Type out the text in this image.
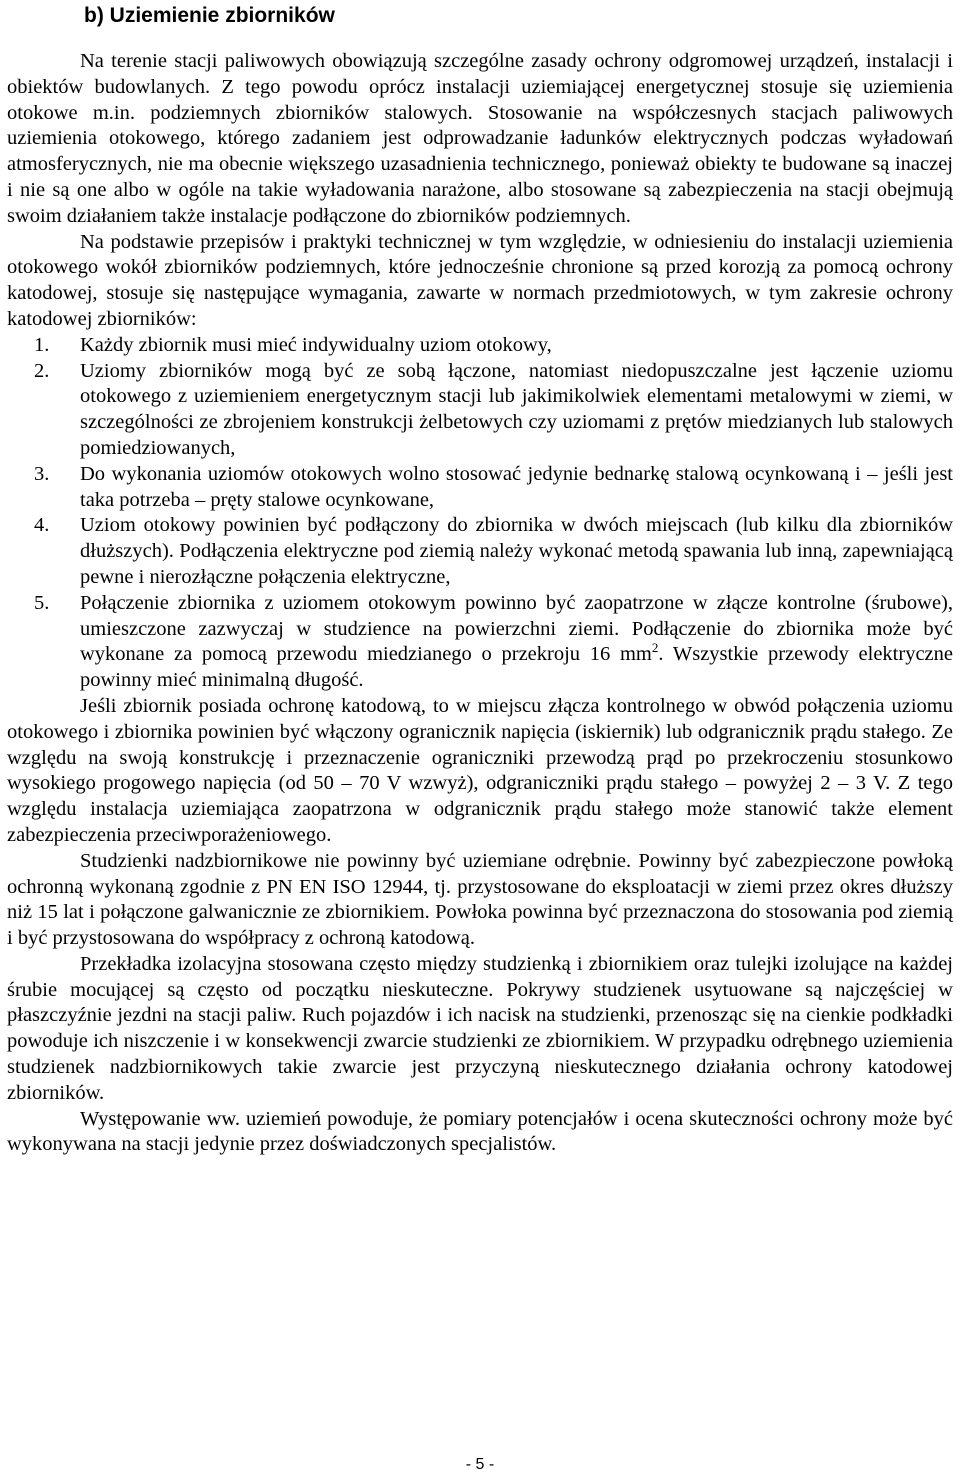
b) Uziemienie zbiorników

Na terenie stacji paliwowych obowiązują szczególne zasady ochrony odgromowej urządzeń, instalacji i obiektów budowlanych. Z tego powodu oprócz instalacji uziemiającej energetycznej stosuje się uziemienia otokowe m.in. podziemnych zbiorników stalowych. Stosowanie na współczesnych stacjach paliwowych uziemienia otokowego, którego zadaniem jest odprowadzanie ładunków elektrycznych podczas wyładowań atmosferycznych, nie ma obecnie większego uzasadnienia technicznego, ponieważ obiekty te budowane są inaczej i nie są one albo w ogóle na takie wyładowania narażone, albo stosowane są zabezpieczenia na stacji obejmują swoim działaniem także instalacje podłączone do zbiorników podziemnych.

Na podstawie przepisów i praktyki technicznej w tym względzie, w odniesieniu do instalacji uziemienia otokowego wokół zbiorników podziemnych, które jednocześnie chronione są przed korozją za pomocą ochrony katodowej, stosuje się następujące wymagania, zawarte w normach przedmiotowych, w tym zakresie ochrony katodowej zbiorników:

1.	Każdy zbiornik musi mieć indywidualny uziom otokowy,
2.	Uziomy zbiorników mogą być ze sobą łączone, natomiast niedopuszczalne jest łączenie uziomu otokowego z uziemieniem energetycznym stacji lub jakimikolwiek elementami metalowymi w ziemi, w szczególności ze zbrojeniem konstrukcji żelbetowych czy uziomami z prętów miedzianych lub stalowych pomiedziowanych,
3.	Do wykonania uziomów otokowych wolno stosować jedynie bednarkę stalową ocynkowaną i – jeśli jest taka potrzeba – pręty stalowe ocynkowane,
4.	Uziom otokowy powinien być podłączony do zbiornika w dwóch miejscach (lub kilku dla zbiorników dłuższych). Podłączenia elektryczne pod ziemią należy wykonać metodą spawania lub inną, zapewniającą pewne i nierozłączne połączenia elektryczne,
5.	Połączenie zbiornika z uziomem otokowym powinno być zaopatrzone w złącze kontrolne (śrubowe), umieszczone zazwyczaj w studzience na powierzchni ziemi. Podłączenie do zbiornika może być wykonane za pomocą przewodu miedzianego o przekroju 16 $mm^2$. Wszystkie przewody elektryczne powinny mieć minimalną długość.

Jeśli zbiornik posiada ochronę katodową, to w miejscu złącza kontrolnego w obwód połączenia uziomu otokowego i zbiornika powinien być włączony ogranicznik napięcia (iskiernik) lub odgranicznik prądu stałego. Ze względu na swoją konstrukcję i przeznaczenie ograniczniki przewodzą prąd po przekroczeniu stosunkowo wysokiego progowego napięcia (od 50 – 70 V wzwyż), odgraniczniki prądu stałego – powyżej 2 – 3 V. Z tego względu instalacja uziemiająca zaopatrzona w odgranicznik prądu stałego może stanowić także element zabezpieczenia przeciwporażeniowego.

Studzienki nadzbiornikowe nie powinny być uziemiane odrębnie. Powinny być zabezpieczone powłoką ochronną wykonaną zgodnie z PN EN ISO 12944, tj. przystosowane do eksploatacji w ziemi przez okres dłuższy niż 15 lat i połączone galwanicznie ze zbiornikiem. Powłoka powinna być przeznaczona do stosowania pod ziemią i być przystosowana do współpracy z ochroną katodową.

Przekładka izolacyjna stosowana często między studzienką i zbiornikiem oraz tulejki izolujące na każdej śrubie mocującej są często od początku nieskuteczne. Pokrywy studzienek usytuowane są najczęściej w płaszczyźnie jezdni na stacji paliw. Ruch pojazdów i ich nacisk na studzienki, przenosząc się na cienkie podkładki powoduje ich niszczenie i w konsekwencji zwarcie studzienki ze zbiornikiem. W przypadku odrębnego uziemienia studzienek nadzbiornikowych takie zwarcie jest przyczyną nieskutecznego działania ochrony katodowej zbiorników.

Występowanie ww. uziemień powoduje, że pomiary potencjałów i ocena skuteczności ochrony może być wykonywana na stacji jedynie przez doświadczonych specjalistów.

- 5 -
